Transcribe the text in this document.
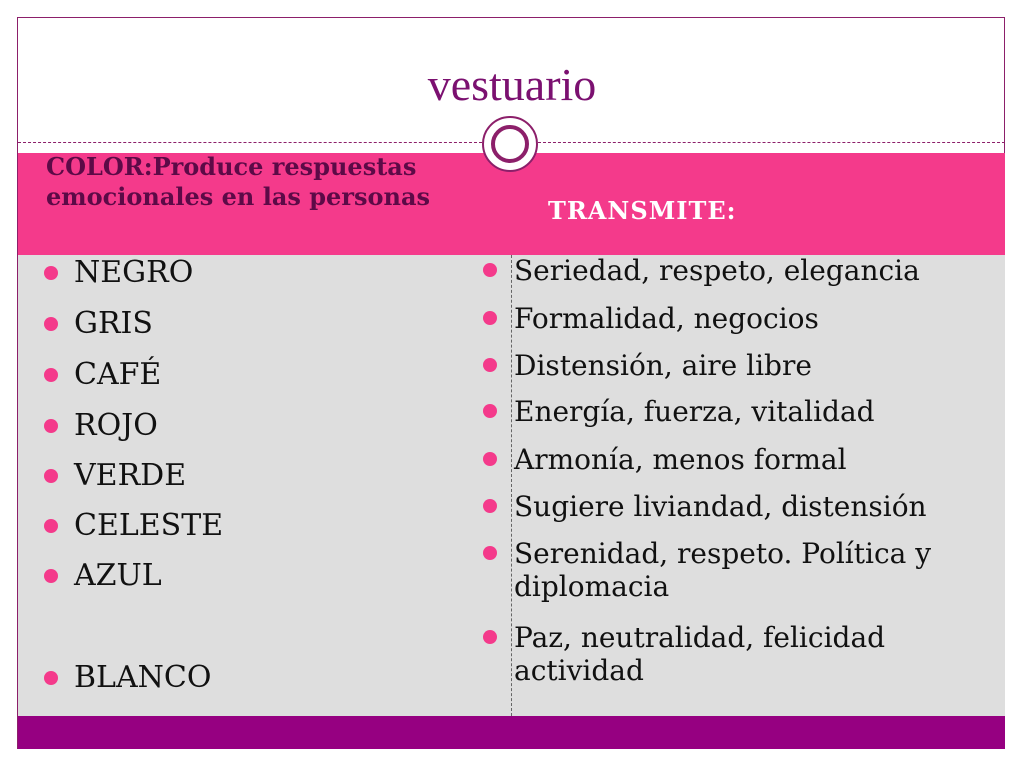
vestuario
COLOR:Produce respuestas emocionales en las personas	TRANSMITE:
NEGRO
GRIS
CAFÉ
ROJO
VERDE
CELESTE
AZUL
BLANCO
Seriedad, respeto, elegancia
Formalidad, negocios
Distensión, aire libre
Energía, fuerza, vitalidad
Armonía, menos formal
Sugiere liviandad, distensión
Serenidad, respeto. Política y diplomacia
Paz, neutralidad, felicidad actividad
